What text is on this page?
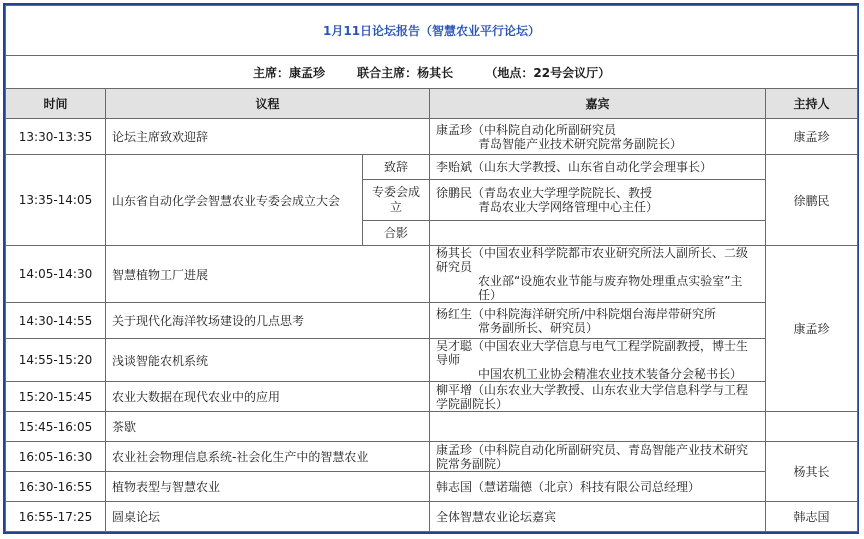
1月11日论坛报告（智慧农业平行论坛）				
主席：康孟珍 联合主席：杨其长 （地点：22号会议厅）				
时间	议程		嘉宾	主持人
13:30-13:35	论坛主席致欢迎辞		康孟珍（中科院自动化所副研究员
青岛智能产业技术研究院常务副院长）	康孟珍
13:35-14:05	山东省自动化学会智慧农业专委会成立大会	致辞	李贻斌（山东大学教授、山东省自动化学会理事长）	徐鹏民
		专委会成立	徐鹏民（青岛农业大学理学院院长、教授
青岛农业大学网络管理中心主任）	

		合影		
14:05-14:30	智慧植物工厂进展		杨其长（中国农业科学院都市农业研究所法人副所长、二级研究员
农业部“设施农业节能与废弃物处理重点实验室”主任）	康孟珍
14:30-14:55	关于现代化海洋牧场建设的几点思考		杨红生（中科院海洋研究所/中科院烟台海岸带研究所
常务副所长、研究员）	

14:55-15:20	浅谈智能农机系统		吴才聪（中国农业大学信息与电气工程学院副教授，博士生导师
中国农机工业协会精准农业技术装备分会秘书长）	

15:20-15:45	农业大数据在现代农业中的应用		柳平增（山东农业大学教授、山东农业大学信息科学与工程学院副院长）	
15:45-16:05	茶歇			
16:05-16:30	农业社会物理信息系统-社会化生产中的智慧农业		康孟珍（中科院自动化所副研究员、青岛智能产业技术研究院常务副院）	杨其长
16:30-16:55	植物表型与智慧农业		韩志国（慧诺瑞德（北京）科技有限公司总经理）	
16:55-17:25	圆桌论坛		全体智慧农业论坛嘉宾	韩志国
